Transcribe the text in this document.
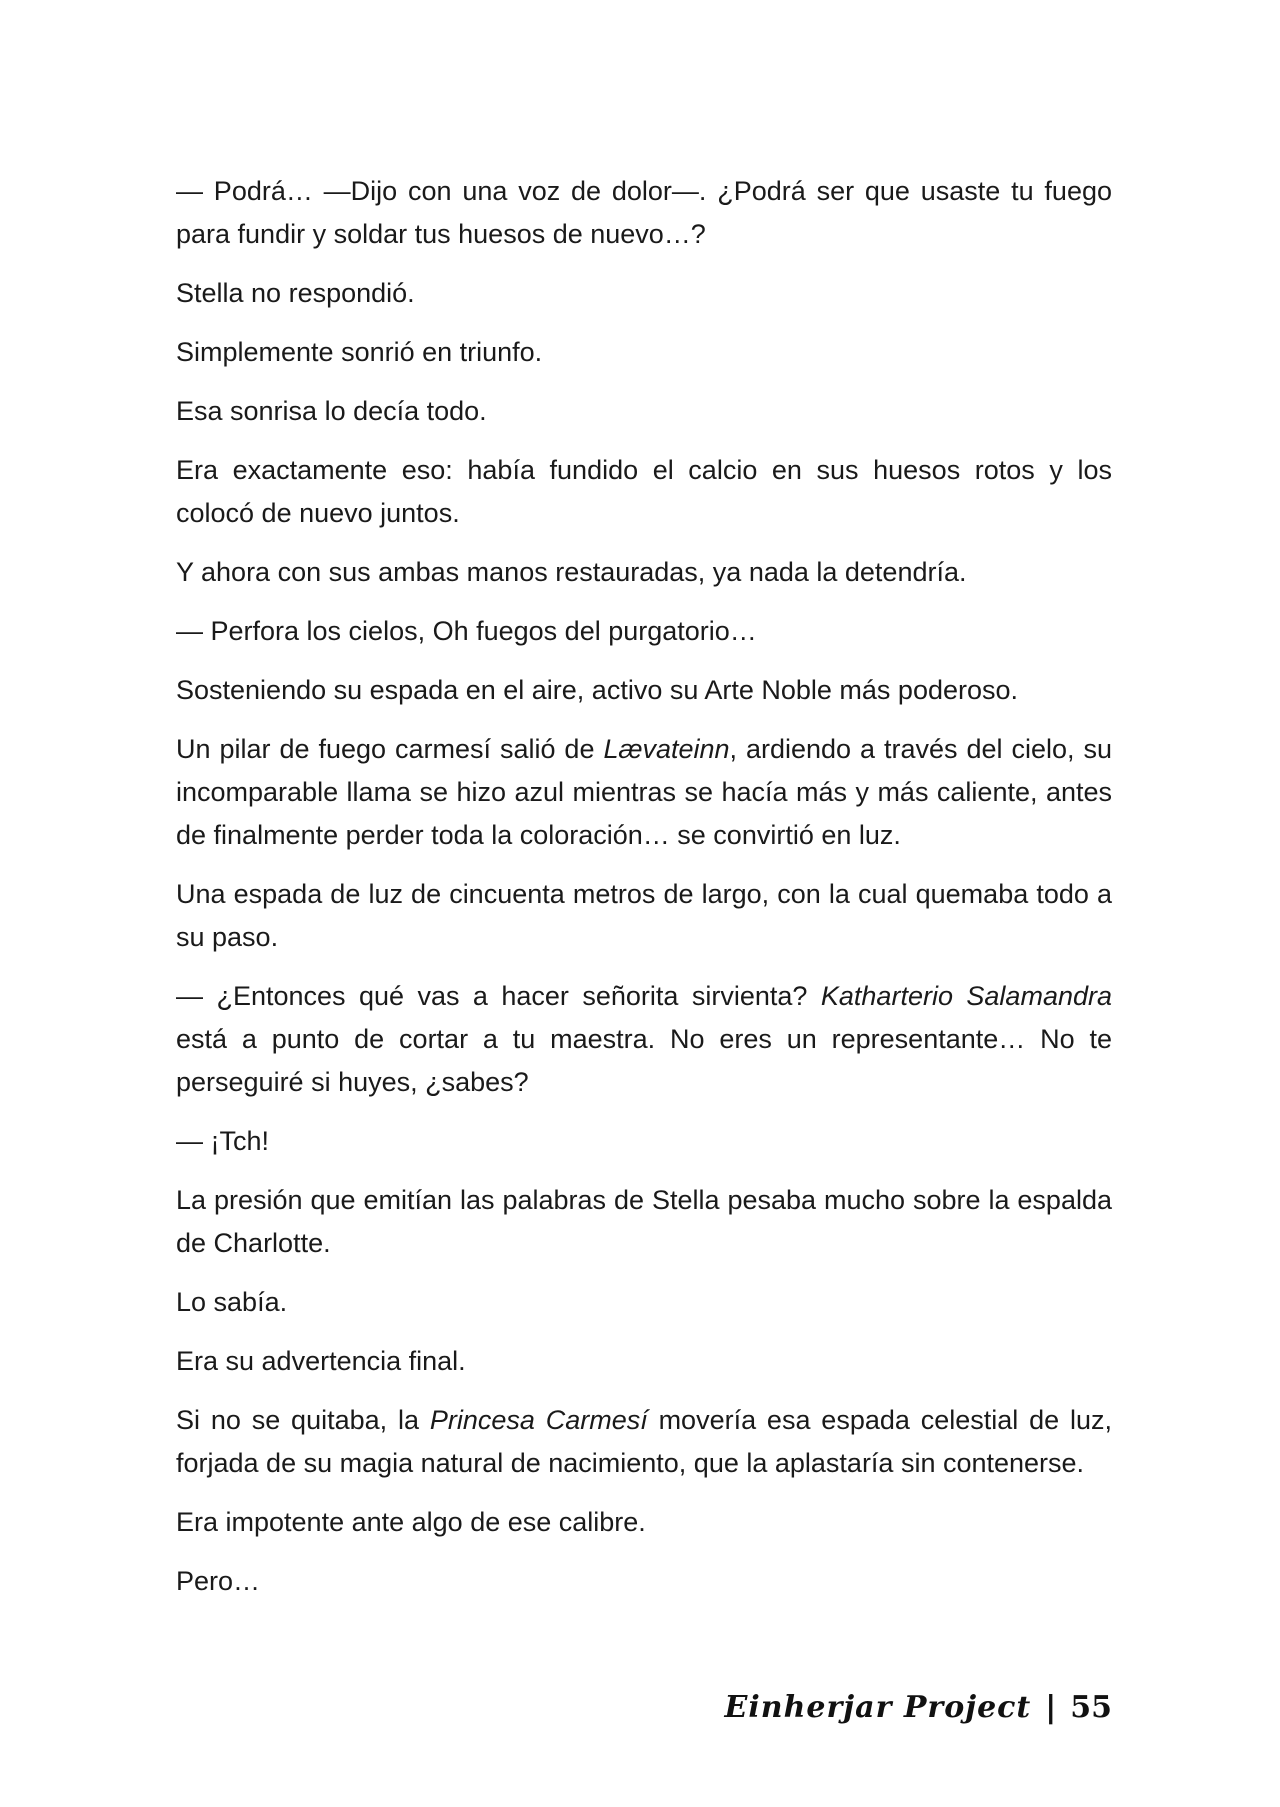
— Podrá… —Dijo con una voz de dolor—. ¿Podrá ser que usaste tu fuego para fundir y soldar tus huesos de nuevo…?

Stella no respondió.

Simplemente sonrió en triunfo.

Esa sonrisa lo decía todo.

Era exactamente eso: había fundido el calcio en sus huesos rotos y los colocó de nuevo juntos.

Y ahora con sus ambas manos restauradas, ya nada la detendría.

— Perfora los cielos, Oh fuegos del purgatorio…

Sosteniendo su espada en el aire, activo su Arte Noble más poderoso.

Un pilar de fuego carmesí salió de Lævateinn, ardiendo a través del cielo, su incomparable llama se hizo azul mientras se hacía más y más caliente, antes de finalmente perder toda la coloración… se convirtió en luz.

Una espada de luz de cincuenta metros de largo, con la cual quemaba todo a su paso.

— ¿Entonces qué vas a hacer señorita sirvienta? Katharterio Salamandra está a punto de cortar a tu maestra. No eres un representante… No te perseguiré si huyes, ¿sabes?

— ¡Tch!

La presión que emitían las palabras de Stella pesaba mucho sobre la espalda de Charlotte.

Lo sabía.

Era su advertencia final.

Si no se quitaba, la Princesa Carmesí movería esa espada celestial de luz, forjada de su magia natural de nacimiento, que la aplastaría sin contenerse.

Era impotente ante algo de ese calibre.

Pero…

Einherjar Project | 55
